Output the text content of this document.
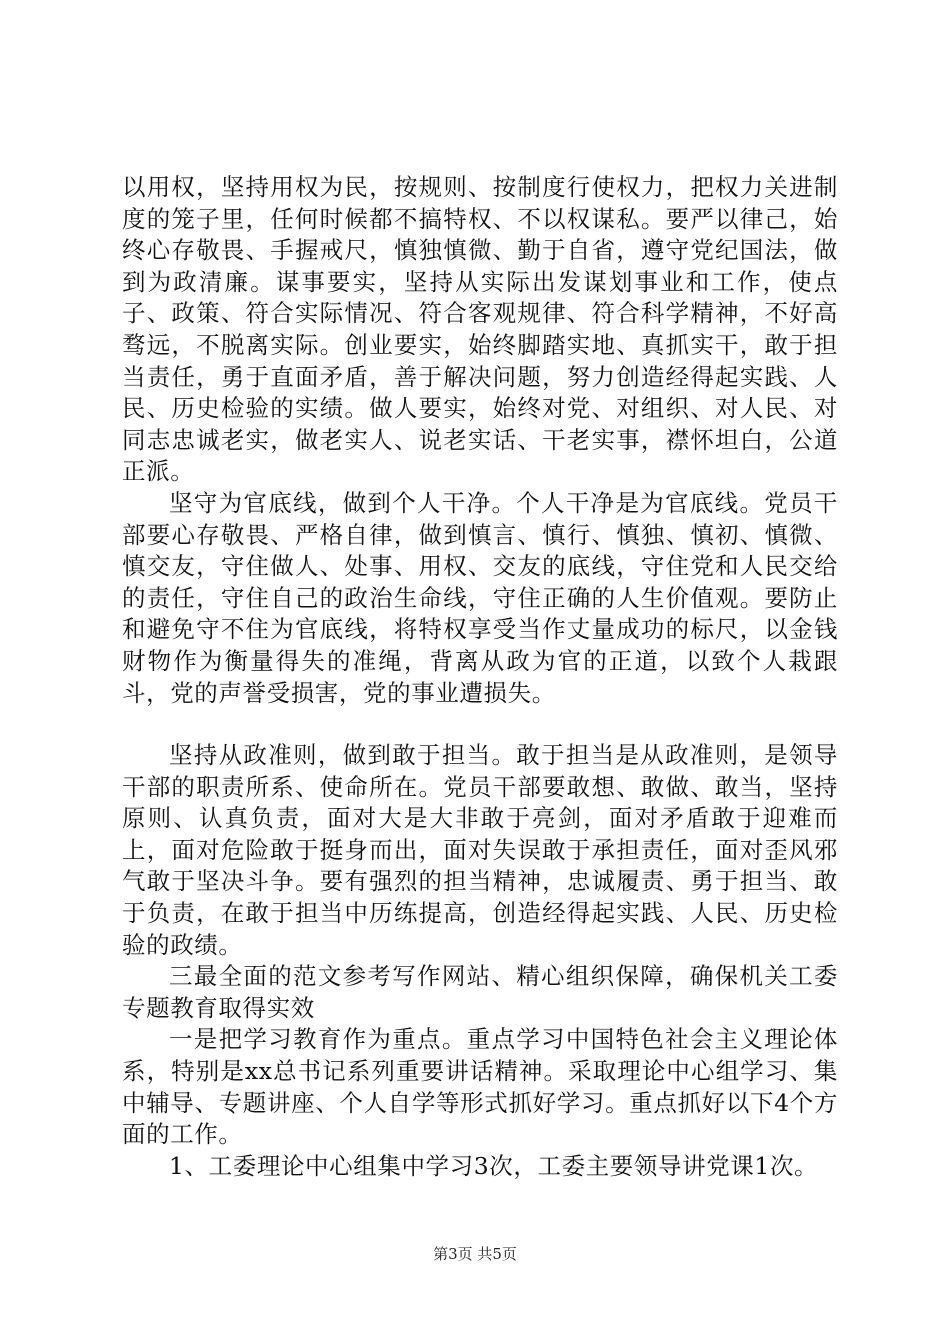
以用权，坚持用权为民，按规则、按制度行使权力，把权力关进制度的笼子里，任何时候都不搞特权、不以权谋私。要严以律己，始终心存敬畏、手握戒尺，慎独慎微、勤于自省，遵守党纪国法，做到为政清廉。谋事要实，坚持从实际出发谋划事业和工作，使点子、政策、符合实际情况、符合客观规律、符合科学精神，不好高骛远，不脱离实际。创业要实，始终脚踏实地、真抓实干，敢于担当责任，勇于直面矛盾，善于解决问题，努力创造经得起实践、人民、历史检验的实绩。做人要实，始终对党、对组织、对人民、对同志忠诚老实，做老实人、说老实话、干老实事，襟怀坦白，公道正派。

坚守为官底线，做到个人干净。个人干净是为官底线。党员干部要心存敬畏、严格自律，做到慎言、慎行、慎独、慎初、慎微、慎交友，守住做人、处事、用权、交友的底线，守住党和人民交给的责任，守住自己的政治生命线，守住正确的人生价值观。要防止和避免守不住为官底线，将特权享受当作丈量成功的标尺，以金钱财物作为衡量得失的准绳，背离从政为官的正道，以致个人栽跟斗，党的声誉受损害，党的事业遭损失。

坚持从政准则，做到敢于担当。敢于担当是从政准则，是领导干部的职责所系、使命所在。党员干部要敢想、敢做、敢当，坚持原则、认真负责，面对大是大非敢于亮剑，面对矛盾敢于迎难而上，面对危险敢于挺身而出，面对失误敢于承担责任，面对歪风邪气敢于坚决斗争。要有强烈的担当精神，忠诚履责、勇于担当、敢于负责，在敢于担当中历练提高，创造经得起实践、人民、历史检验的政绩。

三最全面的范文参考写作网站、精心组织保障，确保机关工委专题教育取得实效

一是把学习教育作为重点。重点学习中国特色社会主义理论体系，特别是xx总书记系列重要讲话精神。采取理论中心组学习、集中辅导、专题讲座、个人自学等形式抓好学习。重点抓好以下4个方面的工作。

1、工委理论中心组集中学习3次，工委主要领导讲党课1次。

第3页 共5页
